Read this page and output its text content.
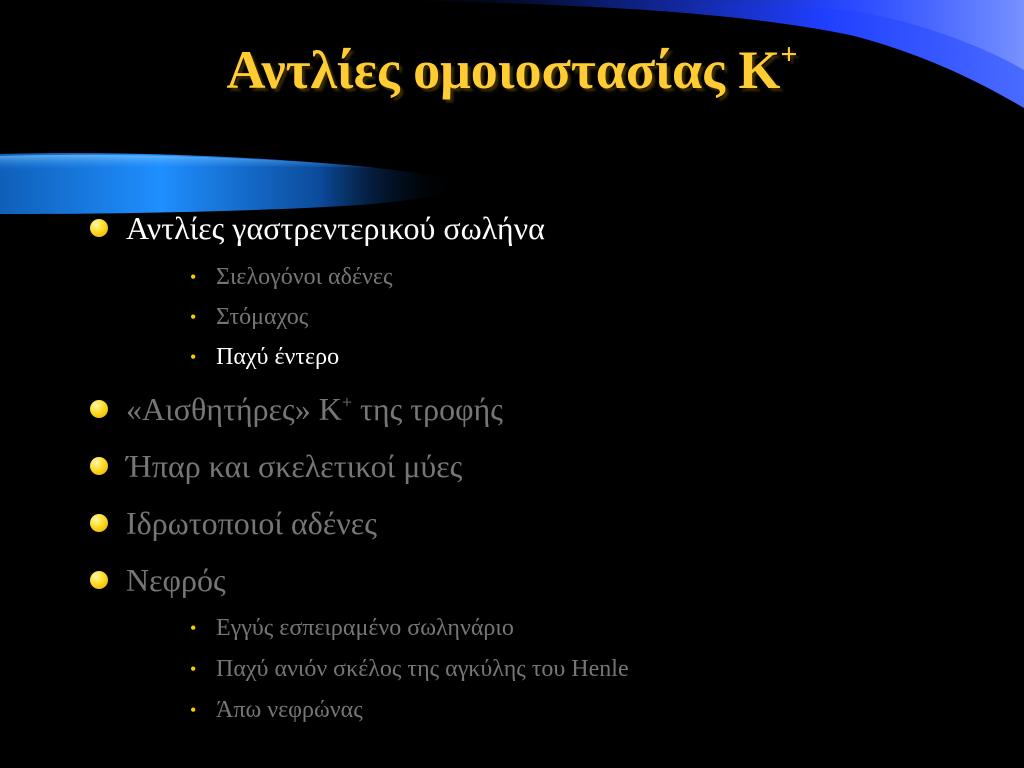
Αντλίες ομοιοστασίας Κ+
Αντλίες γαστρεντερικού σωλήνα
• Σιελογόνοι αδένες
• Στόμαχος
• Παχύ έντερο
«Αισθητήρες» Κ+ της τροφής
Ήπαρ και σκελετικοί μύες
Ιδρωτοποιοί αδένες
Νεφρός
• Εγγύς εσπειραμένο σωληνάριο
• Παχύ ανιόν σκέλος της αγκύλης του Henle
• Άπω νεφρώνας
